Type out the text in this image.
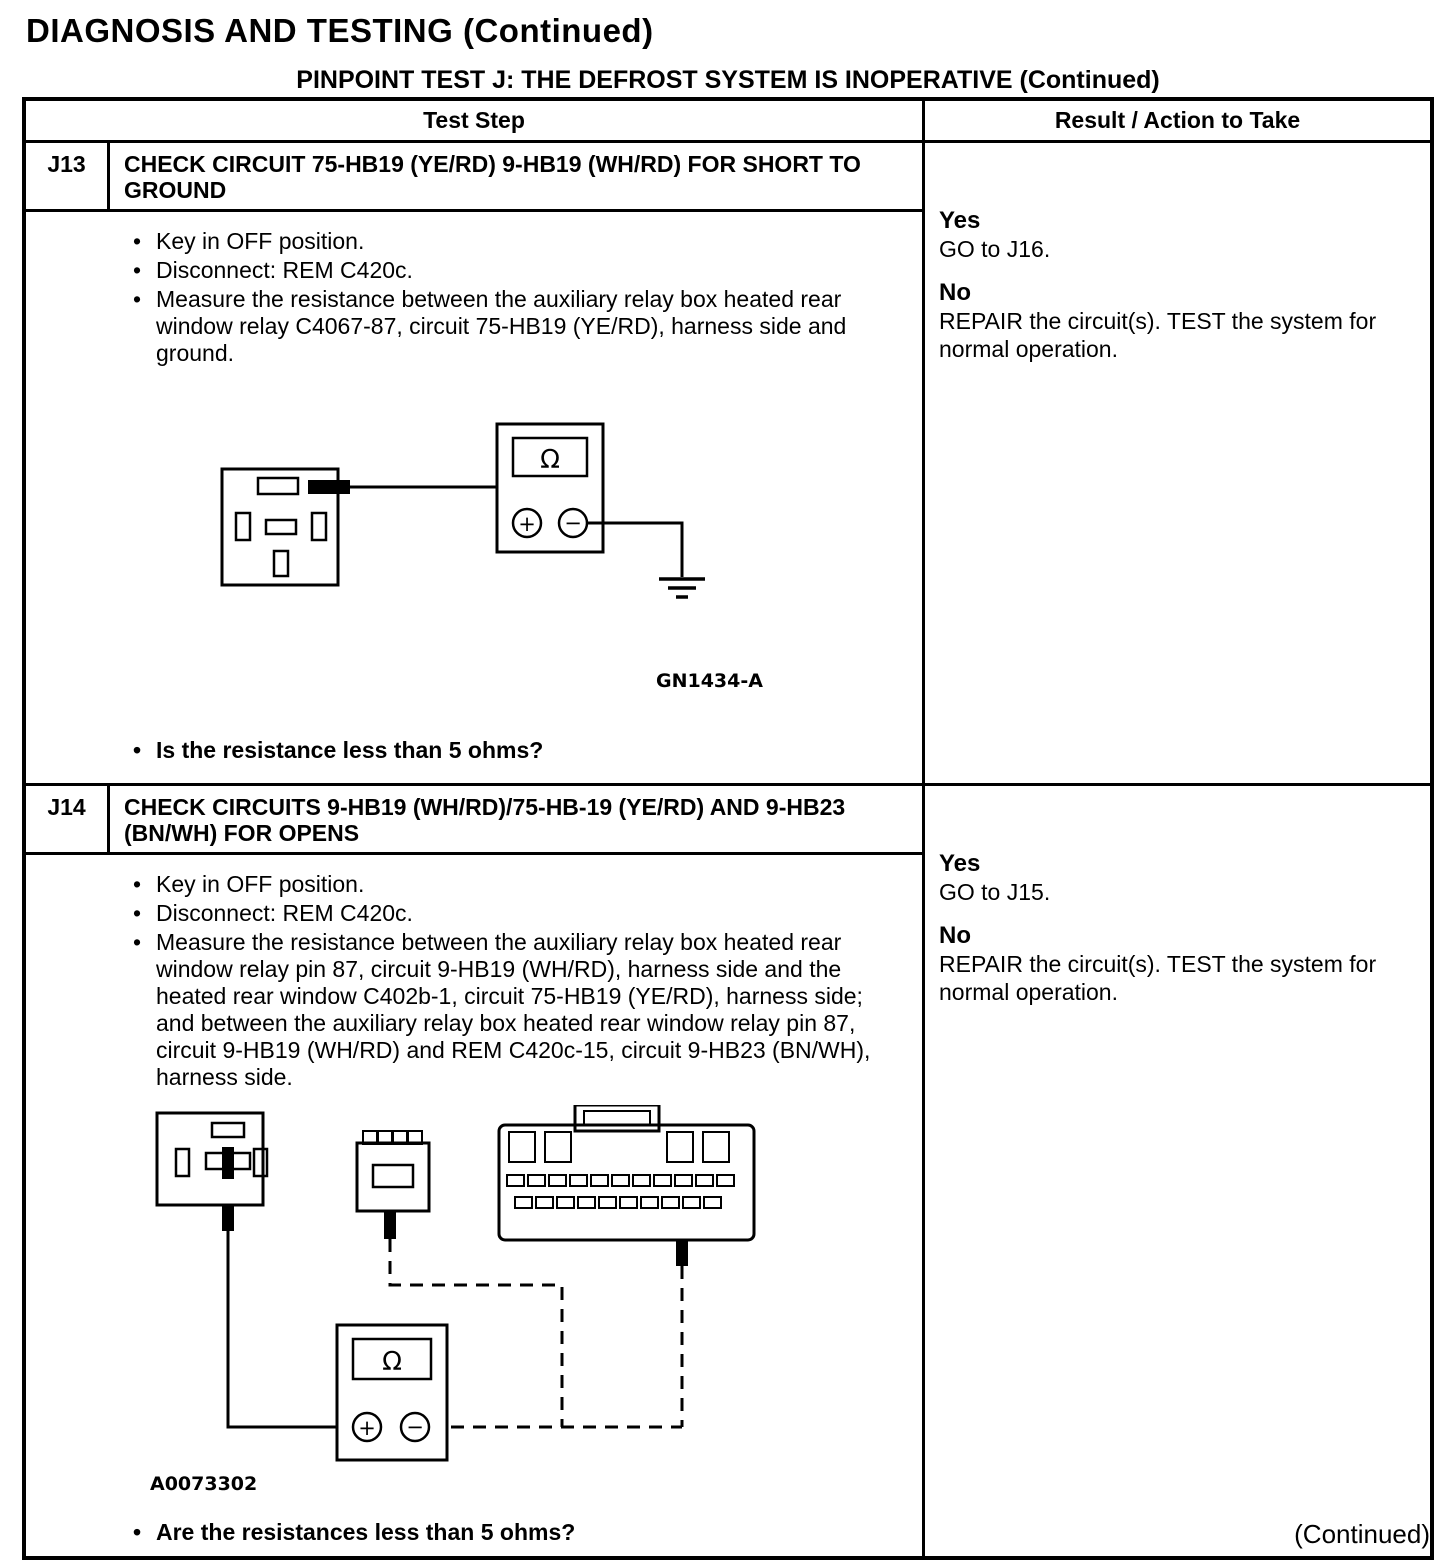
DIAGNOSIS AND TESTING (Continued)
PINPOINT TEST J: THE DEFROST SYSTEM IS INOPERATIVE (Continued)
Test Step	Result / Action to Take
J13	CHECK CIRCUIT 75-HB19 (YE/RD) 9-HB19 (WH/RD) FOR SHORT TO GROUND
• Key in OFF position.
• Disconnect: REM C420c.
• Measure the resistance between the auxiliary relay box heated rear window relay C4067-87, circuit 75-HB19 (YE/RD), harness side and ground.
Ω
+ −
GN1434-A
• Is the resistance less than 5 ohms?
Yes
GO to J16.
No
REPAIR the circuit(s). TEST the system for normal operation.
J14	CHECK CIRCUITS 9-HB19 (WH/RD)/75-HB-19 (YE/RD) AND 9-HB23 (BN/WH) FOR OPENS
• Key in OFF position.
• Disconnect: REM C420c.
• Measure the resistance between the auxiliary relay box heated rear window relay pin 87, circuit 9-HB19 (WH/RD), harness side and the heated rear window C402b-1, circuit 75-HB19 (YE/RD), harness side; and between the auxiliary relay box heated rear window relay pin 87, circuit 9-HB19 (WH/RD) and REM C420c-15, circuit 9-HB23 (BN/WH), harness side.
Ω
+ −
A0073302
• Are the resistances less than 5 ohms?
Yes
GO to J15.
No
REPAIR the circuit(s). TEST the system for normal operation.
(Continued)
